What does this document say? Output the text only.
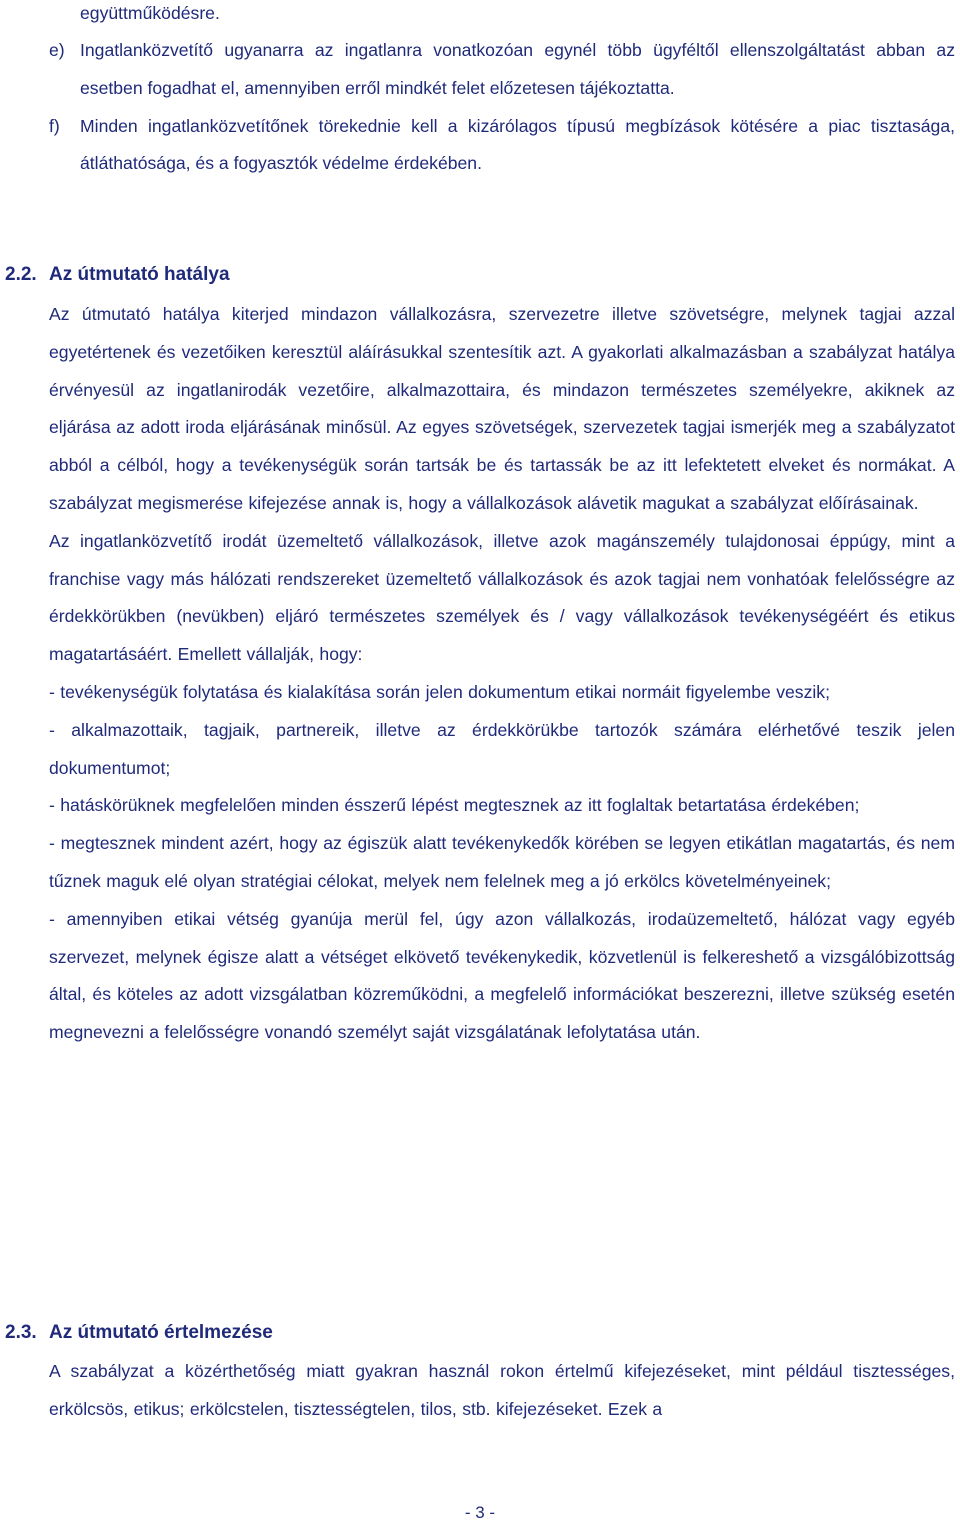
együttműködésre.

e) Ingatlanközvetítő ugyanarra az ingatlanra vonatkozóan egynél több ügyféltől ellenszolgáltatást abban az esetben fogadhat el, amennyiben erről mindkét felet előzetesen tájékoztatta.
f) Minden ingatlanközvetítőnek törekednie kell a kizárólagos típusú megbízások kötésére a piac tisztasága, átláthatósága, és a fogyasztók védelme érdekében.
2.2. Az útmutató hatálya

Az útmutató hatálya kiterjed mindazon vállalkozásra, szervezetre illetve szövetségre, melynek tagjai azzal egyetértenek és vezetőiken keresztül aláírásukkal szentesítik azt. A gyakorlati alkalmazásban a szabályzat hatálya érvényesül az ingatlanirodák vezetőire, alkalmazottaira, és mindazon természetes személyekre, akiknek az eljárása az adott iroda eljárásának minősül. Az egyes szövetségek, szervezetek tagjai ismerjék meg a szabályzatot abból a célból, hogy a tevékenységük során tartsák be és tartassák be az itt lefektetett elveket és normákat. A szabályzat megismerése kifejezése annak is, hogy a vállalkozások alávetik magukat a szabályzat előírásainak.

Az ingatlanközvetítő irodát üzemeltető vállalkozások, illetve azok magánszemély tulajdonosai éppúgy, mint a franchise vagy más hálózati rendszereket üzemeltető vállalkozások és azok tagjai nem vonhatóak felelősségre az érdekkörükben (nevükben) eljáró természetes személyek és / vagy vállalkozások tevékenységéért és etikus magatartásáért. Emellett vállalják, hogy:

- tevékenységük folytatása és kialakítása során jelen dokumentum etikai normáit figyelembe veszik;

- alkalmazottaik, tagjaik, partnereik, illetve az érdekkörükbe tartozók számára elérhetővé teszik jelen dokumentumot;

- hatáskörüknek megfelelően minden ésszerű lépést megtesznek az itt foglaltak betartatása érdekében;

- megtesznek mindent azért, hogy az égiszük alatt tevékenykedők körében se legyen etikátlan magatartás, és nem tűznek maguk elé olyan stratégiai célokat, melyek nem felelnek meg a jó erkölcs követelményeinek;

- amennyiben etikai vétség gyanúja merül fel, úgy azon vállalkozás, irodaüzemeltető, hálózat vagy egyéb szervezet, melynek égisze alatt a vétséget elkövető tevékenykedik, közvetlenül is felkereshető a vizsgálóbizottság által, és köteles az adott vizsgálatban közreműködni, a megfelelő információkat beszerezni, illetve szükség esetén megnevezni a felelősségre vonandó személyt saját vizsgálatának lefolytatása után.

2.3. Az útmutató értelmezése

A szabályzat a közérthetőség miatt gyakran használ rokon értelmű kifejezéseket, mint például tisztességes, erkölcsös, etikus; erkölcstelen, tisztességtelen, tilos, stb. kifejezéseket. Ezek a

- 3 -
